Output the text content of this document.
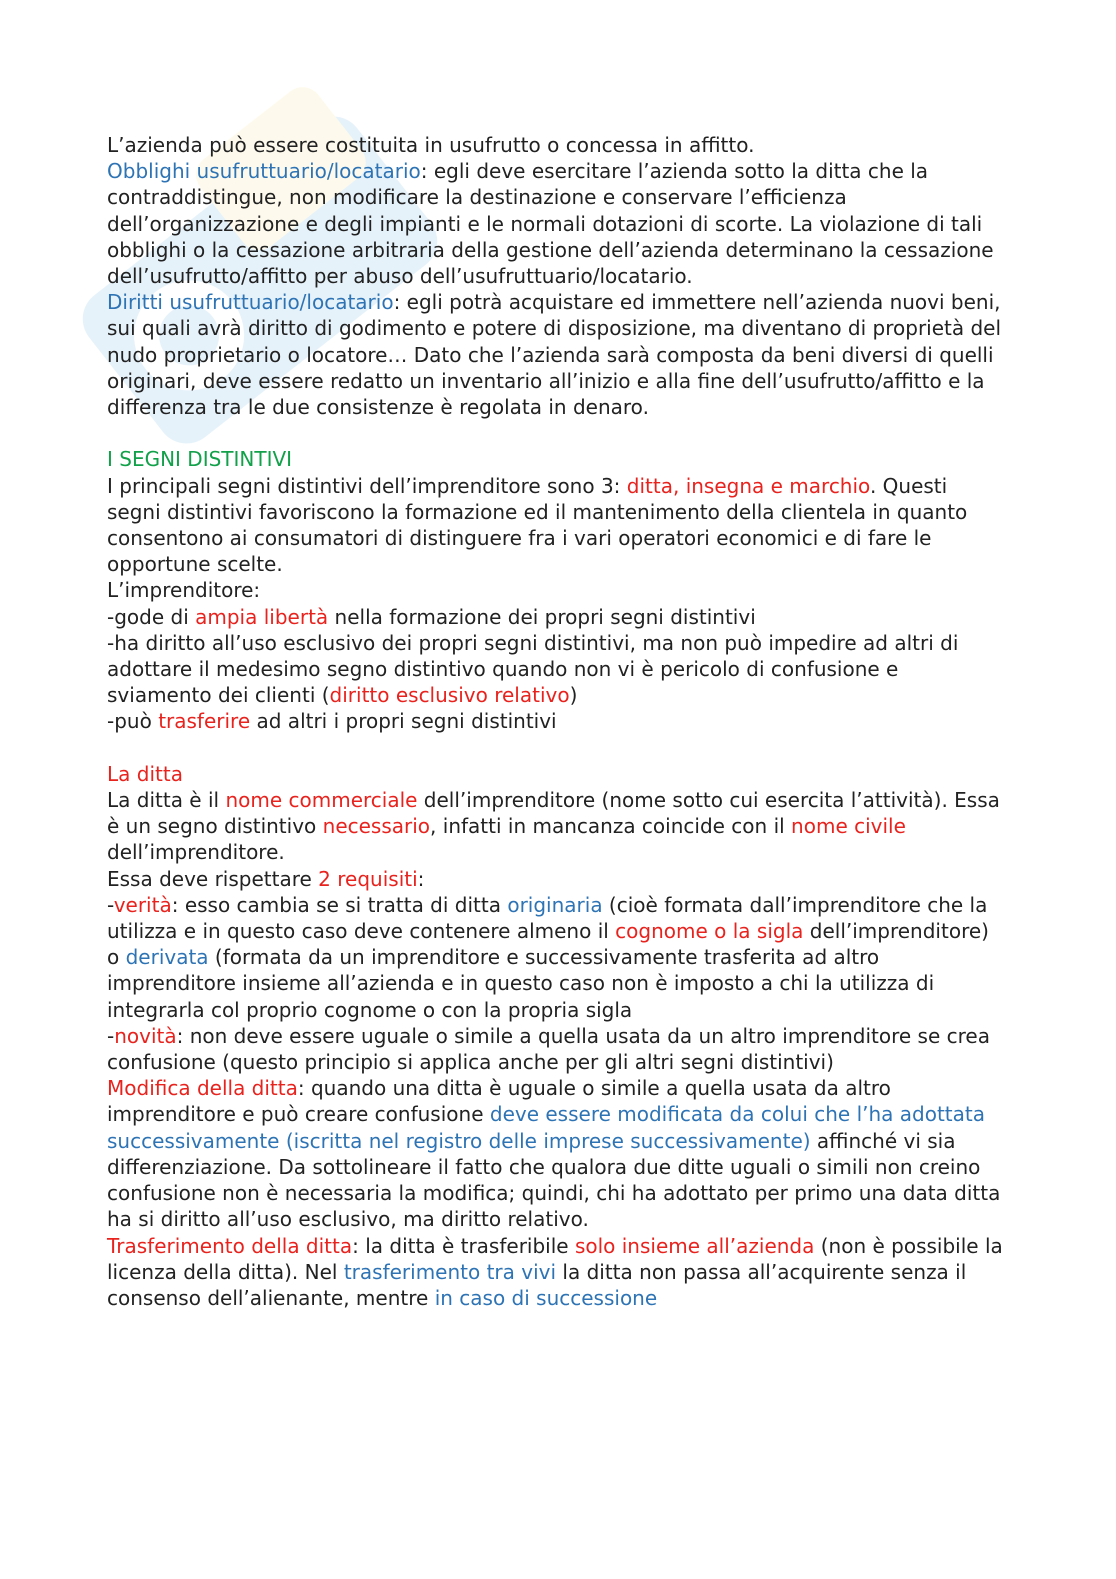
L’azienda può essere costituita in usufrutto o concessa in affitto.

Obblighi usufruttuario/locatario: egli deve esercitare l’azienda sotto la ditta che la contraddistingue, non modificare la destinazione e conservare l’efficienza dell’organizzazione e degli impianti e le normali dotazioni di scorte. La violazione di tali obblighi o la cessazione arbitraria della gestione dell’azienda determinano la cessazione dell’usufrutto/affitto per abuso dell’usufruttuario/locatario.

Diritti usufruttuario/locatario: egli potrà acquistare ed immettere nell’azienda nuovi beni, sui quali avrà diritto di godimento e potere di disposizione, ma diventano di proprietà del nudo proprietario o locatore… Dato che l’azienda sarà composta da beni diversi di quelli originari, deve essere redatto un inventario all’inizio e alla fine dell’usufrutto/affitto e la differenza tra le due consistenze è regolata in denaro.

I SEGNI DISTINTIVI

I principali segni distintivi dell’imprenditore sono 3: ditta, insegna e marchio. Questi segni distintivi favoriscono la formazione ed il mantenimento della clientela in quanto consentono ai consumatori di distinguere fra i vari operatori economici e di fare le opportune scelte.

L’imprenditore:

-gode di ampia libertà nella formazione dei propri segni distintivi

-ha diritto all’uso esclusivo dei propri segni distintivi, ma non può impedire ad altri di adottare il medesimo segno distintivo quando non vi è pericolo di confusione e sviamento dei clienti (diritto esclusivo relativo)

-può trasferire ad altri i propri segni distintivi

La ditta

La ditta è il nome commerciale dell’imprenditore (nome sotto cui esercita l’attività). Essa è un segno distintivo necessario, infatti in mancanza coincide con il nome civile dell’imprenditore.

Essa deve rispettare 2 requisiti:

-verità: esso cambia se si tratta di ditta originaria (cioè formata dall’imprenditore che la utilizza e in questo caso deve contenere almeno il cognome o la sigla dell’imprenditore) o derivata (formata da un imprenditore e successivamente trasferita ad altro imprenditore insieme all’azienda e in questo caso non è imposto a chi la utilizza di integrarla col proprio cognome o con la propria sigla

-novità: non deve essere uguale o simile a quella usata da un altro imprenditore se crea confusione (questo principio si applica anche per gli altri segni distintivi)

Modifica della ditta: quando una ditta è uguale o simile a quella usata da altro imprenditore e può creare confusione deve essere modificata da colui che l’ha adottata successivamente (iscritta nel registro delle imprese successivamente) affinché vi sia differenziazione. Da sottolineare il fatto che qualora due ditte uguali o simili non creino confusione non è necessaria la modifica; quindi, chi ha adottato per primo una data ditta ha si diritto all’uso esclusivo, ma diritto relativo.

Trasferimento della ditta: la ditta è trasferibile solo insieme all’azienda (non è possibile la licenza della ditta). Nel trasferimento tra vivi la ditta non passa all’acquirente senza il consenso dell’alienante, mentre in caso di successione
